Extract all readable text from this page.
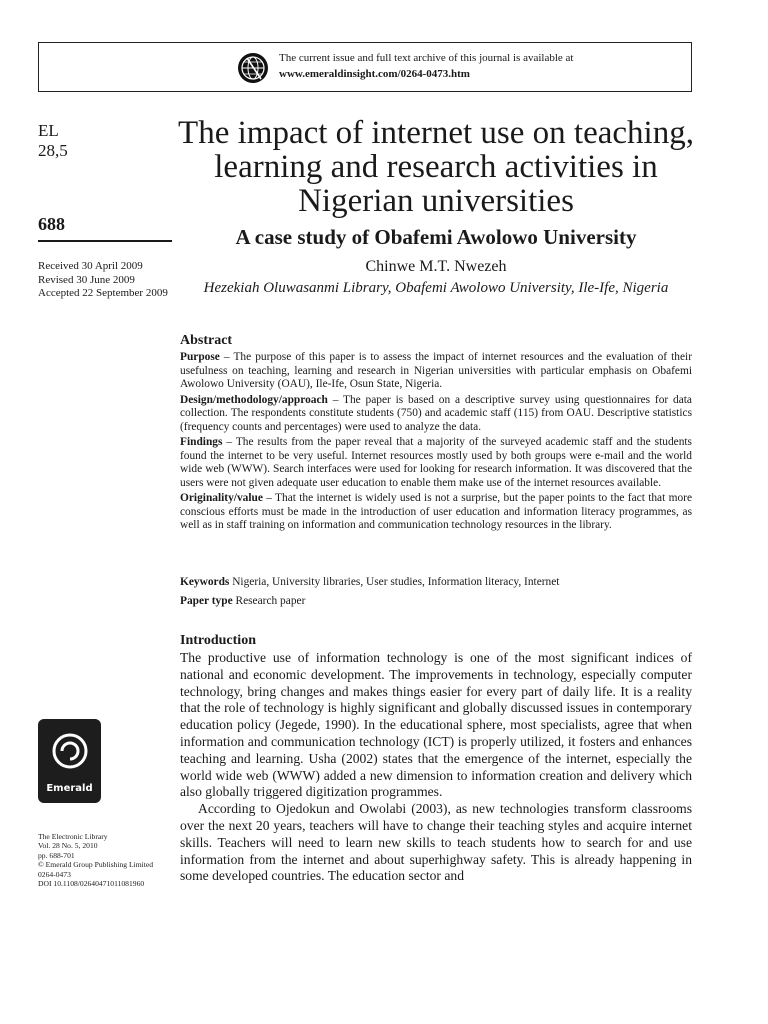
The current issue and full text archive of this journal is available at
www.emeraldinsight.com/0264-0473.htm
EL
28,5
688
Received 30 April 2009
Revised 30 June 2009
Accepted 22 September 2009
Emerald
The Electronic Library
Vol. 28 No. 5, 2010
pp. 688-701
© Emerald Group Publishing Limited
0264-0473
DOI 10.1108/02640471011081960
The impact of internet use on teaching, learning and research activities in Nigerian universities
A case study of Obafemi Awolowo University
Chinwe M.T. Nwezeh
Hezekiah Oluwasanmi Library, Obafemi Awolowo University, Ile-Ife, Nigeria
Abstract

Purpose – The purpose of this paper is to assess the impact of internet resources and the evaluation of their usefulness on teaching, learning and research in Nigerian universities with particular emphasis on Obafemi Awolowo University (OAU), Ile-Ife, Osun State, Nigeria.

Design/methodology/approach – The paper is based on a descriptive survey using questionnaires for data collection. The respondents constitute students (750) and academic staff (115) from OAU. Descriptive statistics (frequency counts and percentages) were used to analyze the data.

Findings – The results from the paper reveal that a majority of the surveyed academic staff and the students found the internet to be very useful. Internet resources mostly used by both groups were e-mail and the world wide web (WWW). Search interfaces were used for looking for research information. It was discovered that the users were not given adequate user education to enable them make use of the internet resources available.

Originality/value – That the internet is widely used is not a surprise, but the paper points to the fact that more conscious efforts must be made in the introduction of user education and information literacy programmes, as well as in staff training on information and communication technology resources in the library.

Keywords Nigeria, University libraries, User studies, Information literacy, Internet
Paper type Research paper
Introduction

The productive use of information technology is one of the most significant indices of national and economic development. The improvements in technology, especially computer technology, bring changes and makes things easier for every part of daily life. It is a reality that the role of technology is highly significant and globally discussed issues in contemporary education policy (Jegede, 1990). In the educational sphere, most specialists, agree that when information and communication technology (ICT) is properly utilized, it fosters and enhances teaching and learning. Usha (2002) states that the emergence of the internet, especially the world wide web (WWW) added a new dimension to information creation and delivery which also globally triggered digitization programmes.

According to Ojedokun and Owolabi (2003), as new technologies transform classrooms over the next 20 years, teachers will have to change their teaching styles and acquire internet skills. Teachers will need to learn new skills to teach students how to search for and use information from the internet and about superhighway safety. This is already happening in some developed countries. The education sector and
